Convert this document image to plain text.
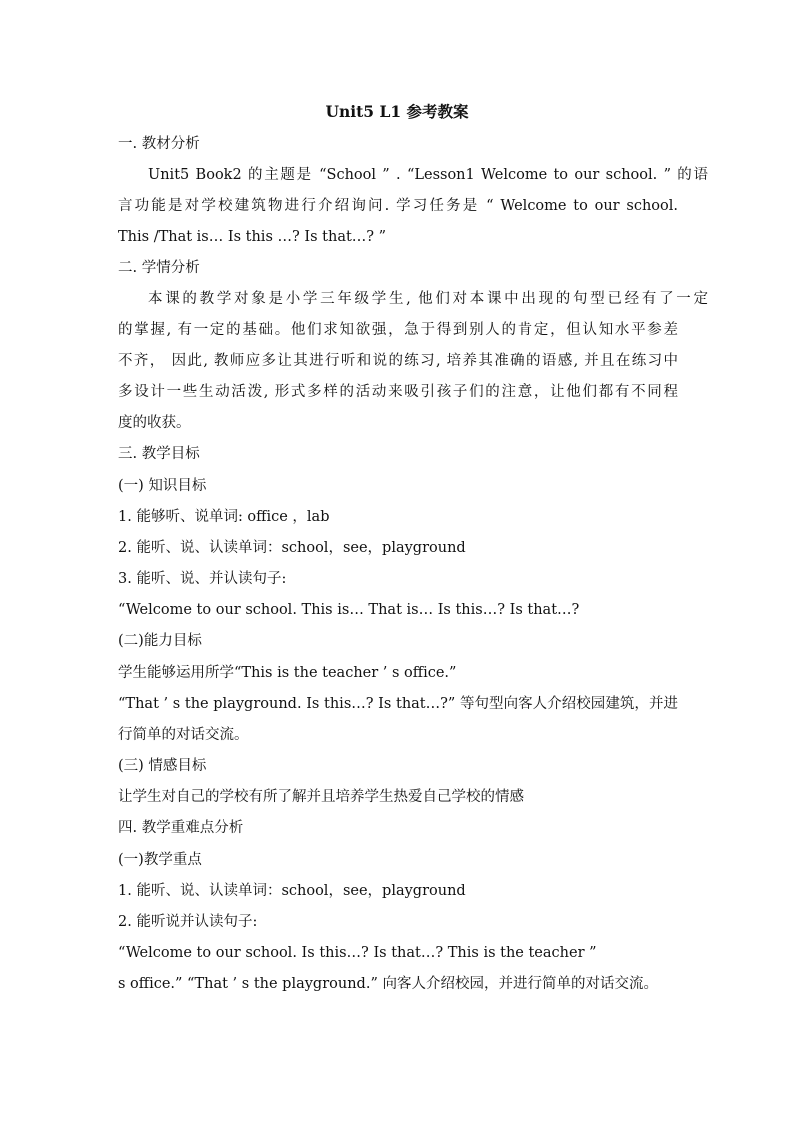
Unit5 L1 参考教案
一. 教材分析
Unit5 Book2 的主题是 “School ” . “Lesson1 Welcome to our school. ” 的语
言功能是对学校建筑物进行介绍询问. 学习任务是 “ Welcome to our school.
This /That is… Is this …? Is that…? ”
二. 学情分析
本课的教学对象是小学三年级学生, 他们对本课中出现的句型已经有了一定
的掌握, 有一定的基础。他们求知欲强，急于得到别人的肯定，但认知水平参差
不齐， 因此, 教师应多让其进行听和说的练习, 培养其准确的语感, 并且在练习中
多设计一些生动活泼, 形式多样的活动来吸引孩子们的注意，让他们都有不同程
度的收获。
三. 教学目标
(一) 知识目标
1. 能够听、说单词: office ，lab
2. 能听、说、认读单词：school，see，playground
3. 能听、说、并认读句子:
“Welcome to our school. This is… That is… Is this…? Is that…?
(二)能力目标
学生能够运用所学“This is the teacher ’ s office.”
“That ’ s the playground. Is this…? Is that…?” 等句型向客人介绍校园建筑，并进
行简单的对话交流。
(三) 情感目标
让学生对自己的学校有所了解并且培养学生热爱自己学校的情感
四. 教学重难点分析
(一)教学重点
1. 能听、说、认读单词：school，see，playground
2. 能听说并认读句子:
“Welcome to our school. Is this…? Is that…? This is the teacher ”
s office.” “That ’ s the playground.” 向客人介绍校园，并进行简单的对话交流。
